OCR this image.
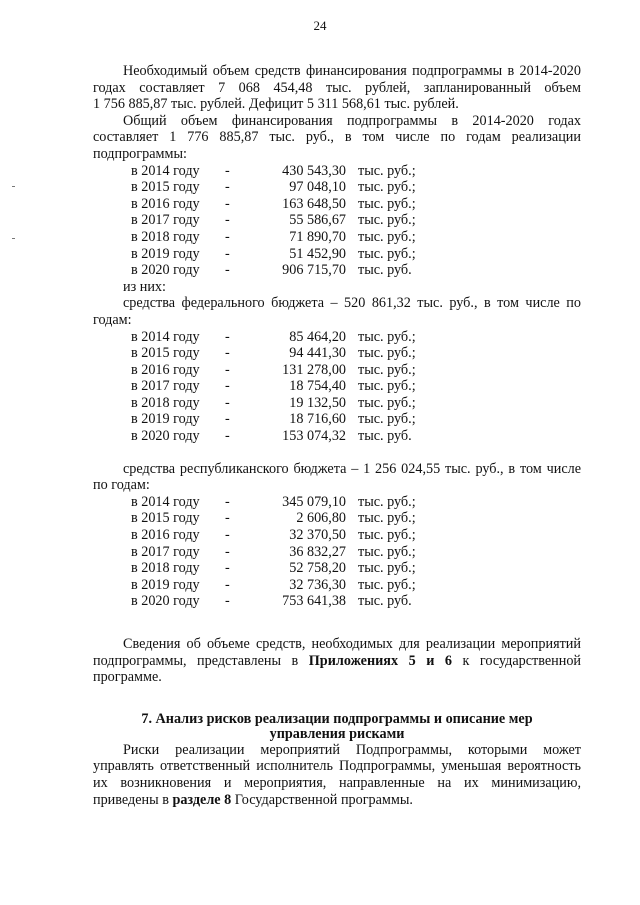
24
Необходимый объем средств финансирования подпрограммы в 2014-2020
годах составляет 7 068 454,48 тыс. рублей, запланированный объем
1 756 885,87 тыс. рублей. Дефицит 5 311 568,61 тыс. рублей.
Общий объем финансирования подпрограммы в 2014-2020 годах
составляет 1 776 885,87 тыс. руб., в том числе по годам реализации
подпрограммы:
в 2014 году -	430 543,30 тыс. руб.;
в 2015 году -	97 048,10 тыс. руб.;
в 2016 году -	163 648,50 тыс. руб.;
в 2017 году -	55 586,67 тыс. руб.;
в 2018 году -	71 890,70 тыс. руб.;
в 2019 году -	51 452,90 тыс. руб.;
в 2020 году -	906 715,70 тыс. руб.
из них:
средства федерального бюджета – 520 861,32 тыс. руб., в том числе по
годам:
в 2014 году -	85 464,20 тыс. руб.;
в 2015 году -	94 441,30 тыс. руб.;
в 2016 году -	131 278,00 тыс. руб.;
в 2017 году -	18 754,40 тыс. руб.;
в 2018 году -	19 132,50 тыс. руб.;
в 2019 году -	18 716,60 тыс. руб.;
в 2020 году -	153 074,32 тыс. руб.
средства республиканского бюджета – 1 256 024,55 тыс. руб., в том числе
по годам:
в 2014 году -	345 079,10 тыс. руб.;
в 2015 году -	2 606,80 тыс. руб.;
в 2016 году -	32 370,50 тыс. руб.;
в 2017 году -	36 832,27 тыс. руб.;
в 2018 году -	52 758,20 тыс. руб.;
в 2019 году -	32 736,30 тыс. руб.;
в 2020 году -	753 641,38 тыс. руб.
Сведения об объеме средств, необходимых для реализации мероприятий
подпрограммы, представлены в Приложениях 5 и 6 к государственной
программе.
7. Анализ рисков реализации подпрограммы и описание мер
управления рисками
Риски реализации мероприятий Подпрограммы, которыми может
управлять ответственный исполнитель Подпрограммы, уменьшая вероятность
их возникновения и мероприятия, направленные на их минимизацию,
приведены в разделе 8 Государственной программы.
